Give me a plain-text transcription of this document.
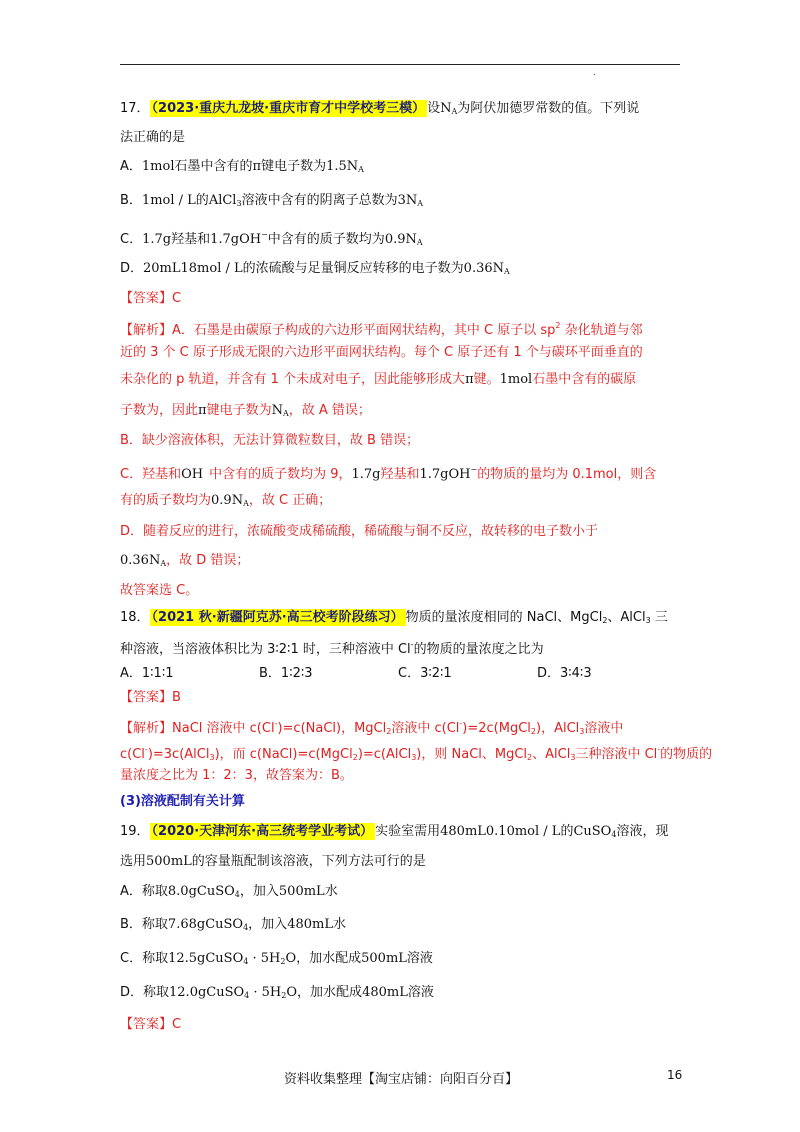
.
17． （2023·重庆九龙坡·重庆市育才中学校考三模） 设$N_A$为阿伏加德罗常数的值。下列说
法正确的是
A．1mol石墨中含有的π键电子数为$1.5N_A$
B．1mol / L的AlCl$_3$溶液中含有的阴离子总数为$3N_A$
C．1.7g羟基和1.7gOH−中含有的质子数均为$0.9N_A$
D．20mL18mol / L的浓硫酸与足量铜反应转移的电子数为$0.36N_A$
【答案】C
【解析】A．石墨是由碳原子构成的六边形平面网状结构，其中 C 原子以 $sp^2$ 杂化轨道与邻
近的 3 个 C 原子形成无限的六边形平面网状结构。每个 C 原子还有 1 个与碳环平面垂直的
未杂化的 p 轨道，并含有 1 个未成对电子，因此能够形成大π键。1mol石墨中含有的碳原
子数为，因此π键电子数为$N_A$，故 A 错误；
B．缺少溶液体积，无法计算微粒数目，故 B 错误；
C．羟基和OH 中含有的质子数均为 9，1.7g羟基和1.7gOH−的物质的量均为 0.1mol，则含
有的质子数均为$0.9N_A$，故 C 正确；
D．随着反应的进行，浓硫酸变成稀硫酸，稀硫酸与铜不反应，故转移的电子数小于
$0.36N_A$，故 D 错误；
故答案选 C。
18． （2021 秋·新疆阿克苏·高三校考阶段练习） 物质的量浓度相同的 NaCl、MgCl$_2$、AlCl$_3$ 三
种溶液，当溶液体积比为 3∶2∶1 时，三种溶液中 Cl-的物质的量浓度之比为
A．1∶1∶1	B．1∶2∶3	C．3∶2∶1	D．3∶4∶3
【答案】B
【解析】NaCl 溶液中 c(Cl-)=c(NaCl)，MgCl$_2$溶液中 c(Cl-)=2c(MgCl$_2$)，AlCl$_3$溶液中
c(Cl-)=3c(AlCl$_3$)，而 c(NaCl)=c(MgCl$_2$)=c(AlCl$_3$)，则 NaCl、MgCl$_2$、AlCl$_3$三种溶液中 Cl-的物质的
量浓度之比为 1：2：3，故答案为：B。
(3)溶液配制有关计算
19． （2020·天津河东·高三统考学业考试） 实验室需用480mL0.10mol / L的CuSO$_4$溶液，现
选用500mL的容量瓶配制该溶液，下列方法可行的是
A．称取8.0gCuSO$_4$，加入500mL水
B．称取7.68gCuSO$_4$，加入480mL水
C．称取12.5gCuSO$_4$ · $5H_2O$，加水配成500mL溶液
D．称取12.0gCuSO$_4$ · $5H_2O$，加水配成480mL溶液
【答案】C
资料收集整理【淘宝店铺：向阳百分百】	16
